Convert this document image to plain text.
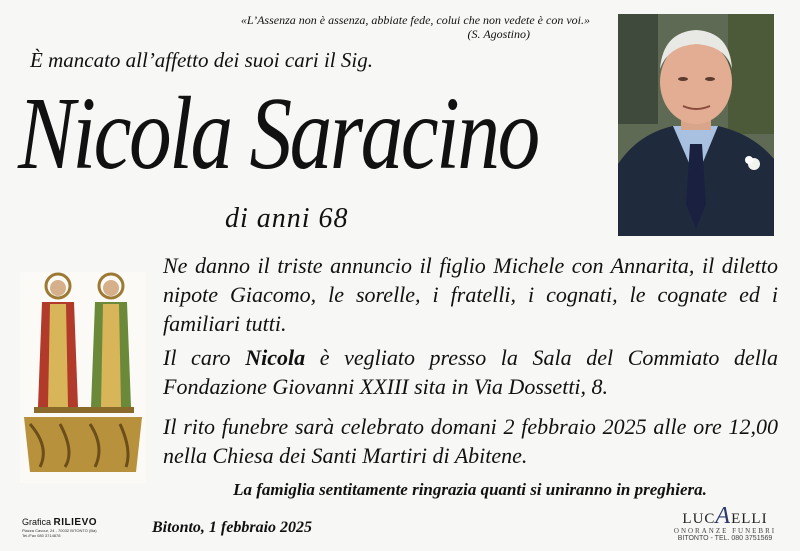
«L’Assenza non è assenza, abbiate fede, colui che non vedete è con voi.»
(S. Agostino)
È mancato all’affetto dei suoi cari il Sig.
Nicola Saracino
di anni 68
Ne danno il triste annuncio il figlio Michele con Annarita, il diletto nipote Giacomo, le sorelle, i fratelli, i cognati, le cognate ed i familiari tutti.
Il caro Nicola è vegliato presso la Sala del Commiato della Fondazione Giovanni XXIII sita in Via Dossetti, 8.
Il rito funebre sarà celebrato domani 2 febbraio 2025 alle ore 12,00 nella Chiesa dei Santi Martiri di Abitene.
La famiglia sentitamente ringrazia quanti si uniranno in preghiera.
Bitonto, 1 febbraio 2025
Grafica RILIEVO
Piazza Cavour, 24 - 70032 BITONTO (Ba)
Tel./Fax 080 3714878
LUCAELLI
ONORANZE FUNEBRI
BITONTO - TEL. 080 3751569
